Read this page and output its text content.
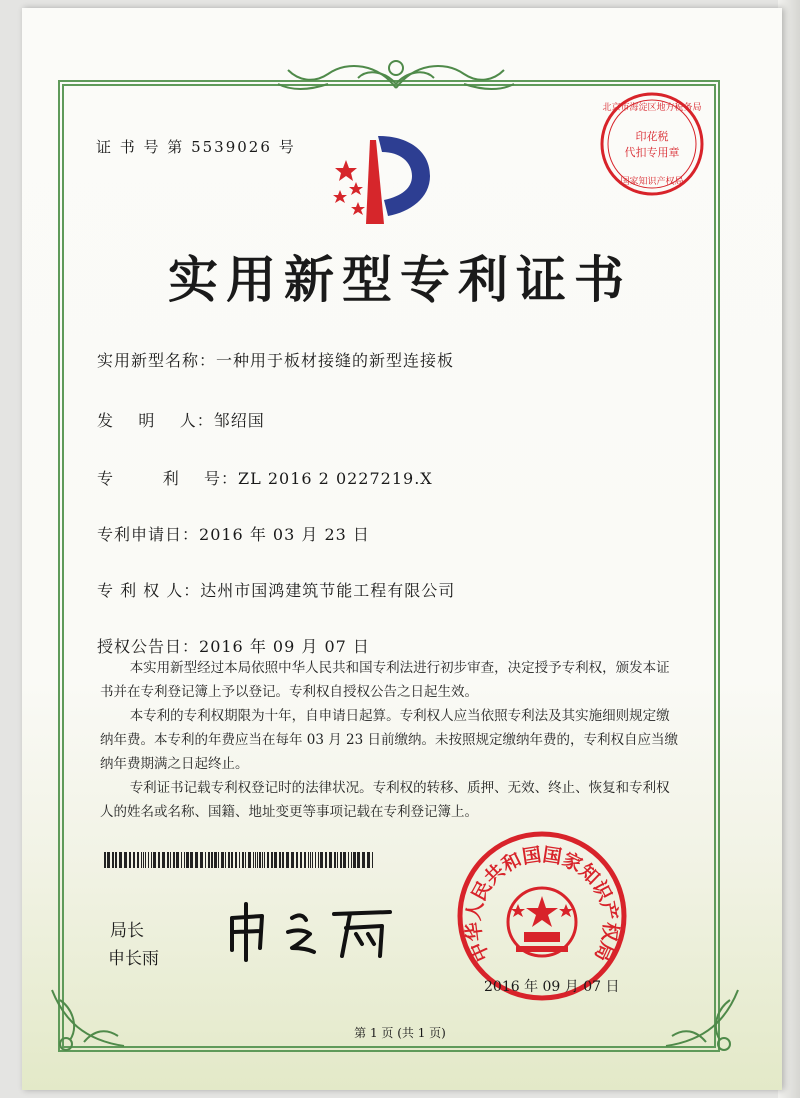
北京市海淀区地方税务局
印花税
代扣专用章
国家知识产权局
中华人民共和国国家知识产权局
证 书 号 第 5539026 号
实用新型专利证书
实用新型名称：一种用于板材接缝的新型连接板
发    明    人：邹绍国
专        利    号：ZL 2016 2 0227219.X
专利申请日：2016 年 03 月 23 日
专 利 权 人：达州市国鸿建筑节能工程有限公司
授权公告日：2016 年 09 月 07 日

本实用新型经过本局依照中华人民共和国专利法进行初步审查，决定授予专利权，颁发本证书并在专利登记簿上予以登记。专利权自授权公告之日起生效。

本专利的专利权期限为十年，自申请日起算。专利权人应当依照专利法及其实施细则规定缴纳年费。本专利的年费应当在每年 03 月 23 日前缴纳。未按照规定缴纳年费的，专利权自应当缴纳年费期满之日起终止。

专利证书记载专利权登记时的法律状况。专利权的转移、质押、无效、终止、恢复和专利权人的姓名或名称、国籍、地址变更等事项记载在专利登记簿上。

局长
申长雨
2016 年 09 月 07 日
第 1 页 (共 1 页)
